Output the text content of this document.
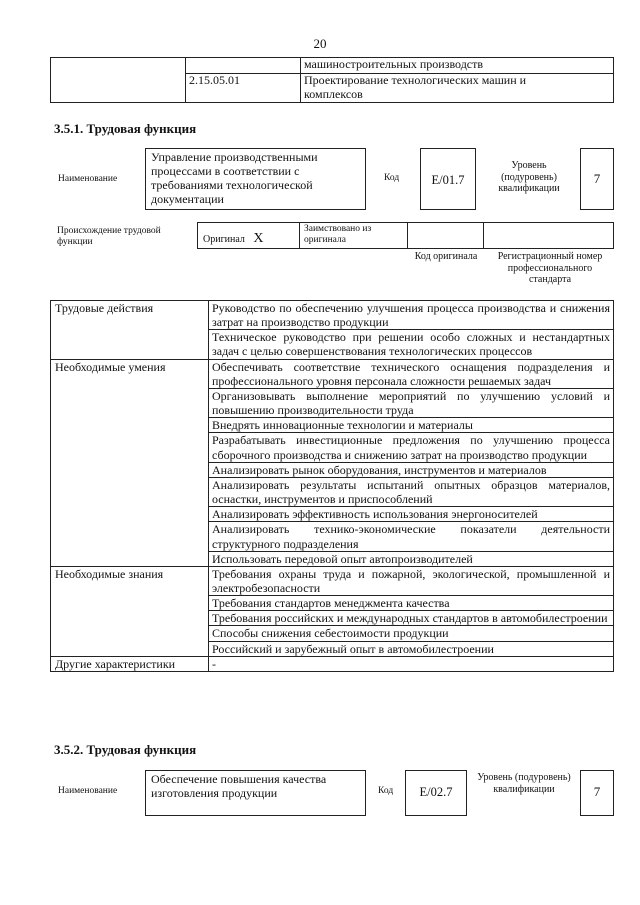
20
		машиностроительных производств
	2.15.05.01	Проектирование технологических машин и комплексов
3.5.1. Трудовая функция
Наименование
Управление производственными процессами в соответствии с требованиями технологической документации
Код	E/01.7
Уровень (подуровень) квалификации
7
Происхождение трудовой функции	Оригинал X
Заимствовано из оригинала
Код оригинала	Регистрационный номер профессионального стандарта
Трудовые действия	Руководство по обеспечению улучшения процесса производства и снижения затрат на производство продукции
	Техническое руководство при решении особо сложных и нестандартных задач с целью совершенствования технологических процессов
Необходимые умения	Обеспечивать соответствие технического оснащения подразделения и профессионального уровня персонала сложности решаемых задач
	Организовывать выполнение мероприятий по улучшению условий и повышению производительности труда
	Внедрять инновационные технологии и материалы
	Разрабатывать инвестиционные предложения по улучшению процесса сборочного производства и снижению затрат на производство продукции
	Анализировать рынок оборудования, инструментов и материалов
	Анализировать результаты испытаний опытных образцов материалов, оснастки, инструментов и приспособлений
	Анализировать эффективность использования энергоносителей
	Анализировать технико-экономические показатели деятельности структурного подразделения
	Использовать передовой опыт автопроизводителей
Необходимые знания	Требования охраны труда и пожарной, экологической, промышленной и электробезопасности
	Требования стандартов менеджмента качества
	Требования российских и международных стандартов в автомобилестроении
	Способы снижения себестоимости продукции
	Российский и зарубежный опыт в автомобилестроении
Другие характеристики	-
3.5.2. Трудовая функция
Наименование
Обеспечение повышения качества изготовления продукции	Код	E/02.7
Уровень (подуровень) квалификации	7
